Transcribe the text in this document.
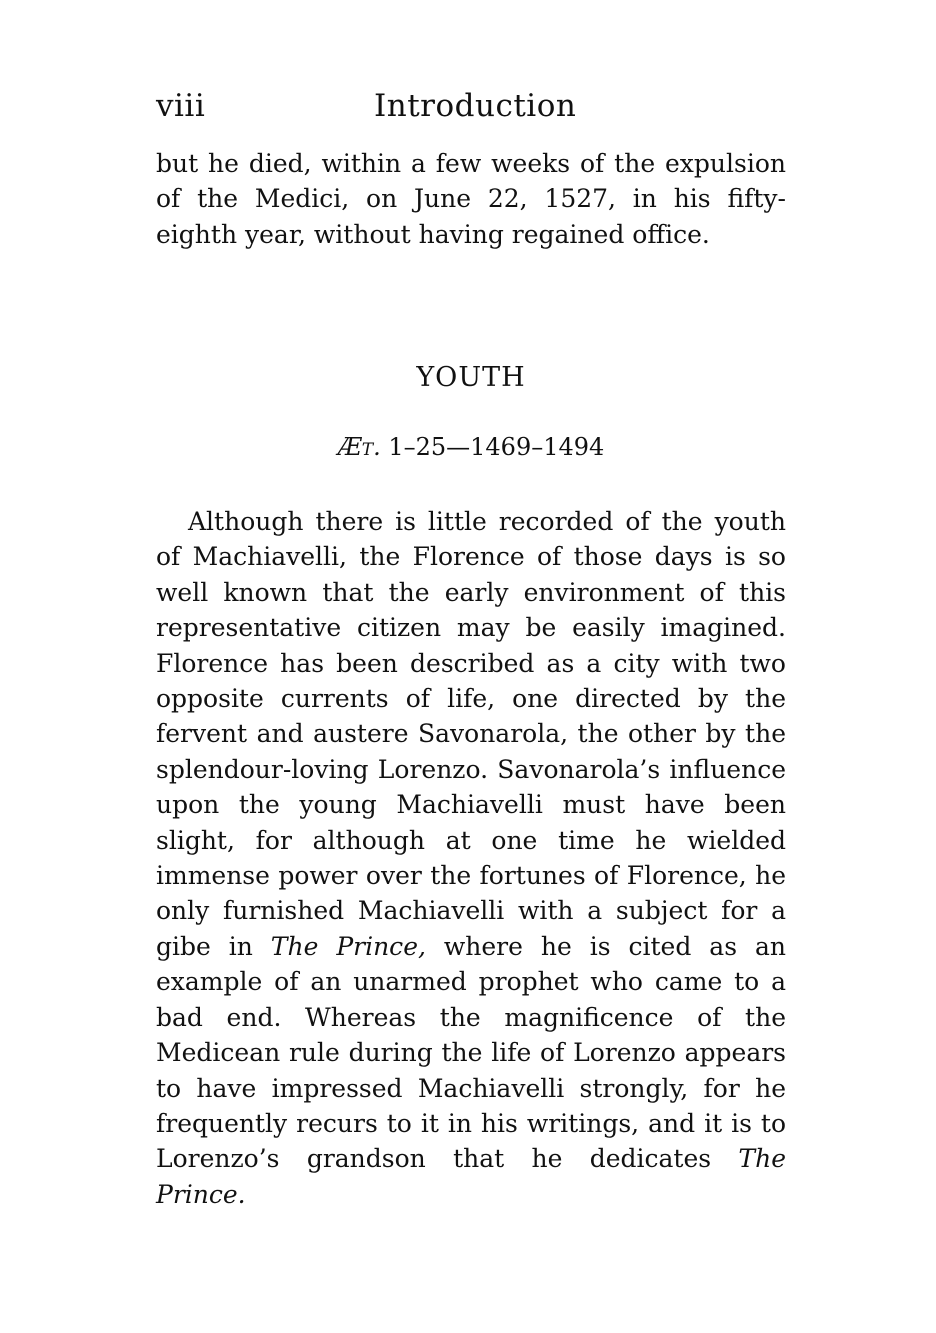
viii	Introduction

but he died, within a few weeks of the expulsion of the Medici, on June 22, 1527, in his fifty-eighth year, without having regained office.

YOUTH
Æt. 1–25—1469–1494

Although there is little recorded of the youth of Machiavelli, the Florence of those days is so well known that the early environment of this representative citizen may be easily imagined. Florence has been described as a city with two opposite currents of life, one directed by the fervent and austere Savonarola, the other by the splendour-loving Lorenzo. Savonarola’s influence upon the young Machiavelli must have been slight, for although at one time he wielded immense power over the fortunes of Florence, he only furnished Machiavelli with a subject for a gibe in The Prince, where he is cited as an example of an unarmed prophet who came to a bad end. Whereas the magnificence of the Medicean rule during the life of Lorenzo appears to have impressed Machiavelli strongly, for he frequently recurs to it in his writings, and it is to Lorenzo’s grandson that he dedicates The Prince.
